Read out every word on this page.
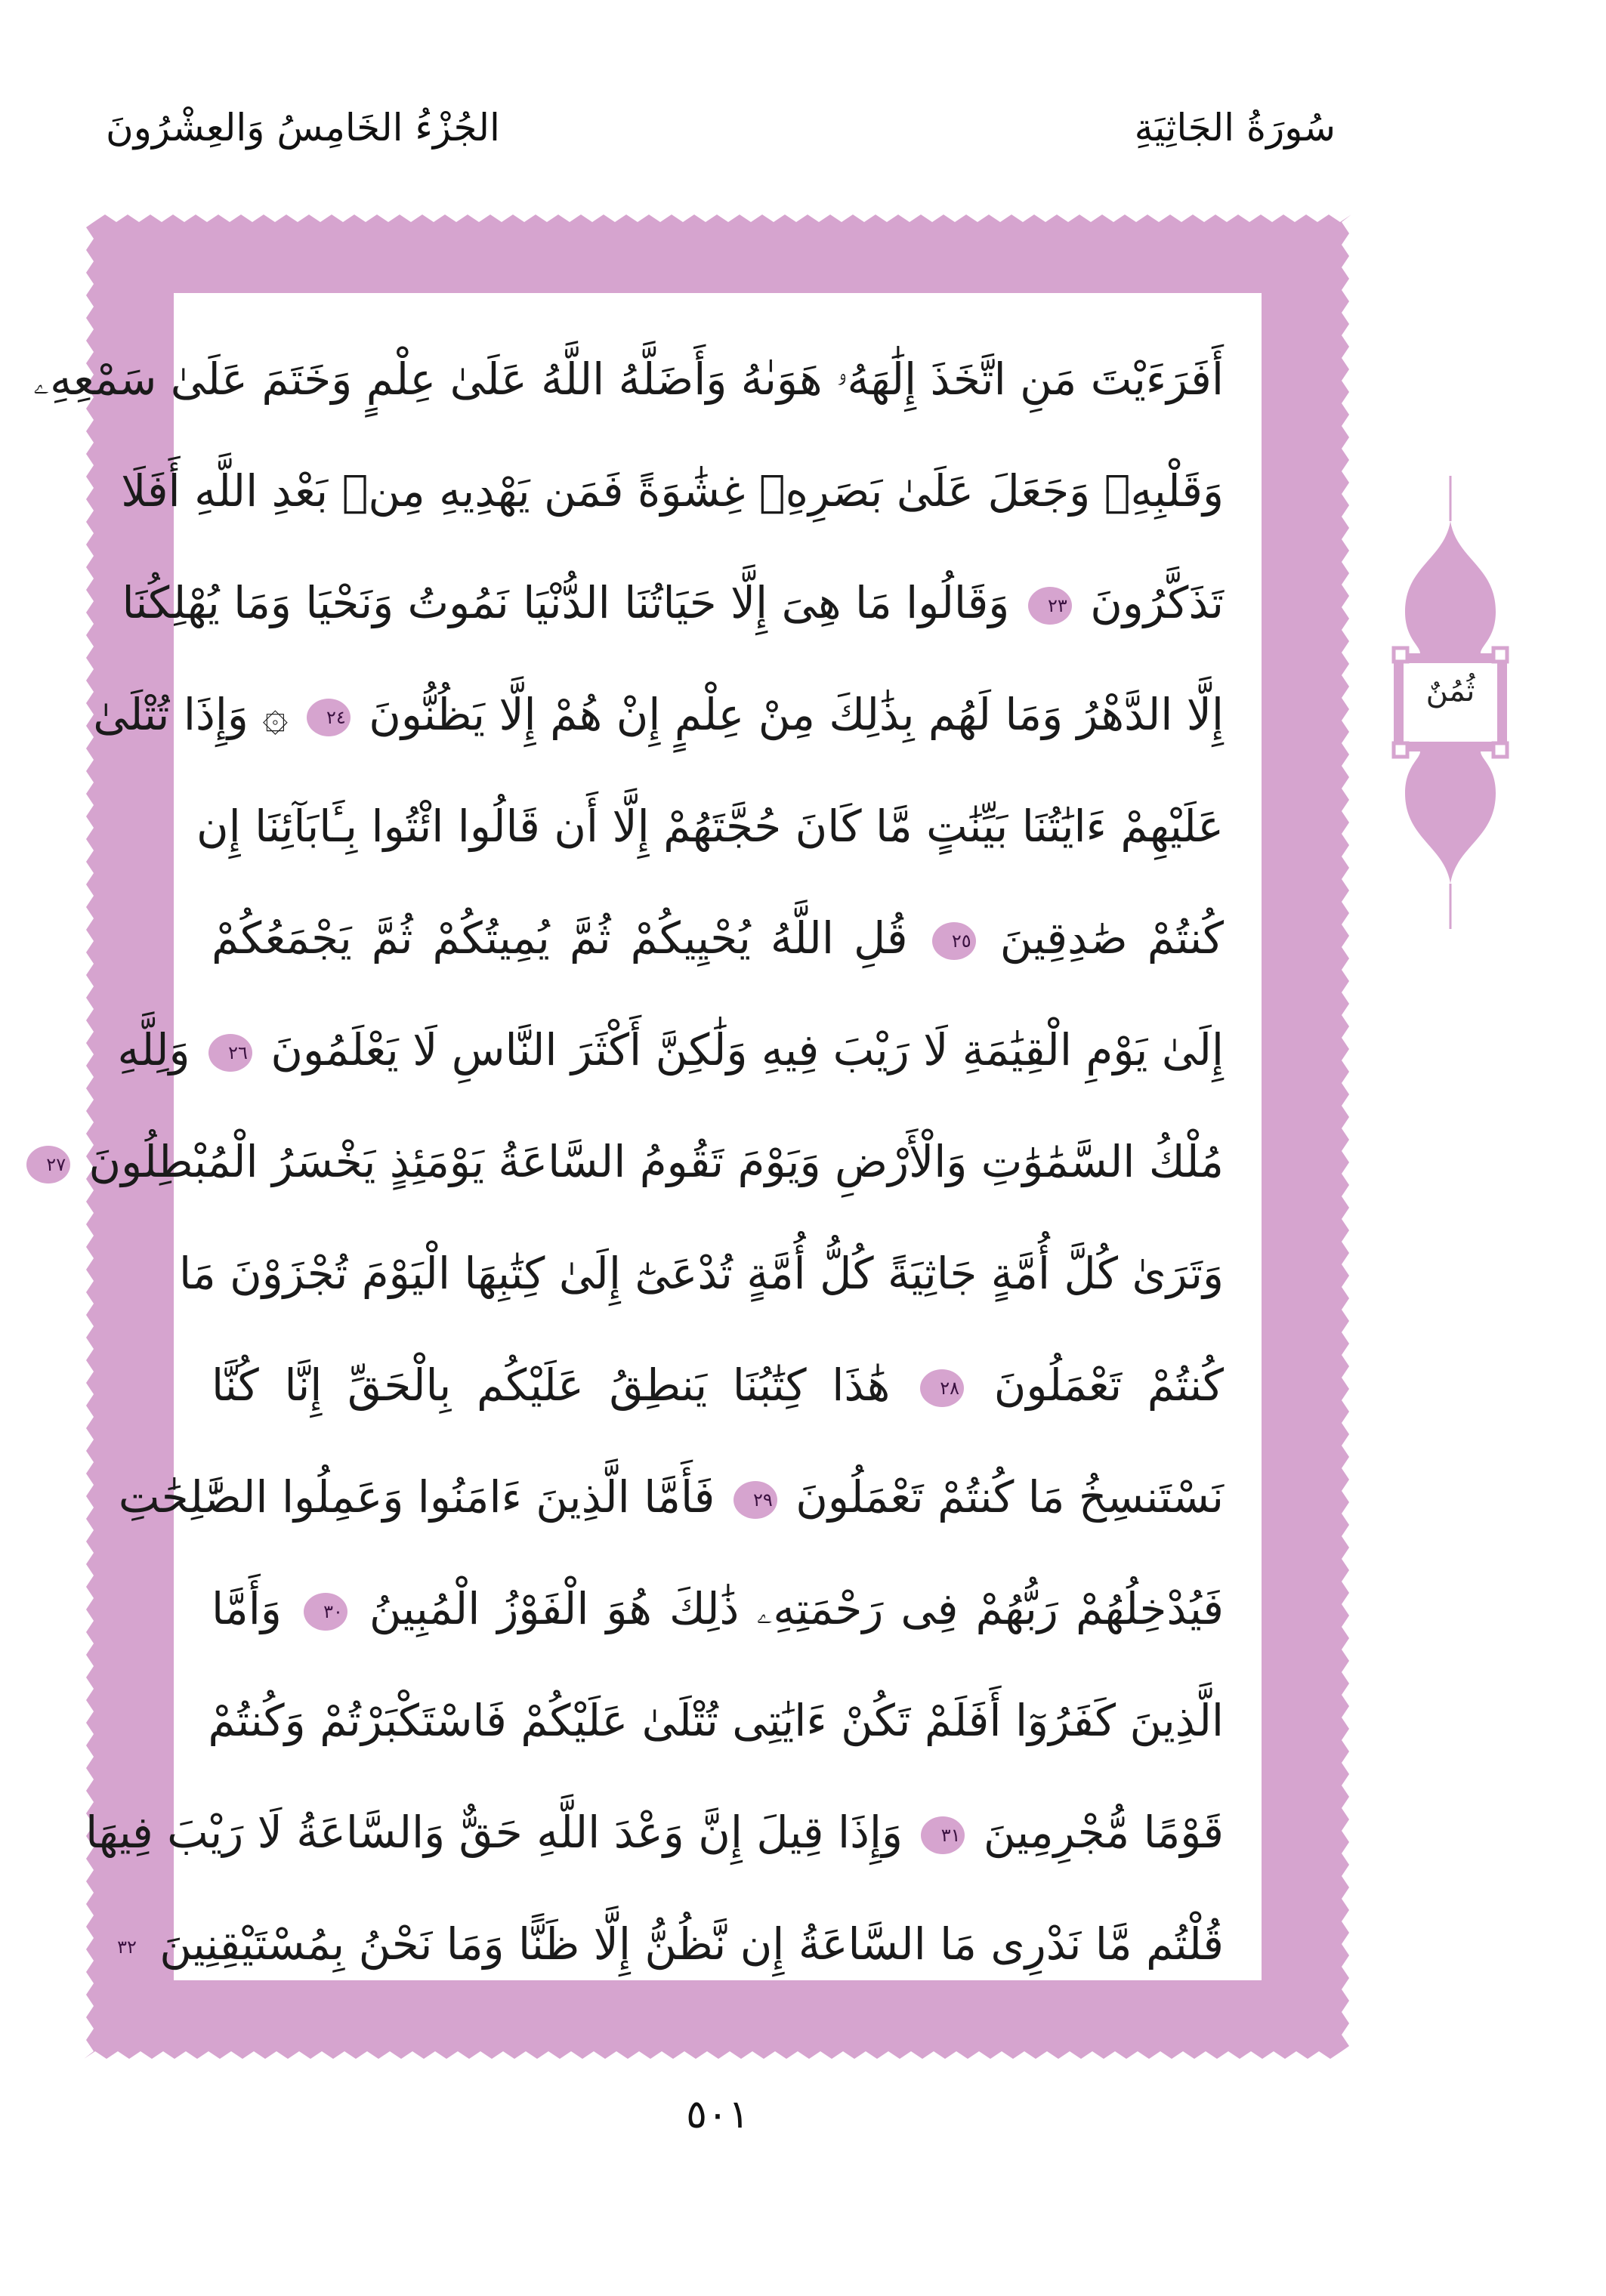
سُورَةُ الجَاثِيَةِ
الجُزْءُ الخَامِسُ وَالعِشْرُونَ
أَفَرَءَيْتَ مَنِ اتَّخَذَ إِلَٰهَهُۥ هَوَىٰهُ وَأَضَلَّهُ اللَّهُ عَلَىٰ عِلْمٍ وَخَتَمَ عَلَىٰ سَمْعِهِۦ
وَقَلْبِهِۦ وَجَعَلَ عَلَىٰ بَصَرِهِۦ غِشَٰوَةً فَمَن يَهْدِيهِ مِنۢ بَعْدِ اللَّهِ أَفَلَا
تَذَكَّرُونَ ٢٣ وَقَالُوا مَا هِىَ إِلَّا حَيَاتُنَا الدُّنْيَا نَمُوتُ وَنَحْيَا وَمَا يُهْلِكُنَا
إِلَّا الدَّهْرُ وَمَا لَهُم بِذَٰلِكَ مِنْ عِلْمٍ إِنْ هُمْ إِلَّا يَظُنُّونَ ٢٤ ۞ وَإِذَا تُتْلَىٰ
عَلَيْهِمْ ءَايَٰتُنَا بَيِّنَٰتٍ مَّا كَانَ حُجَّتَهُمْ إِلَّا أَن قَالُوا ائْتُوا بِـَٔابَآئِنَا إِن
كُنتُمْ صَٰدِقِينَ ٢٥ قُلِ اللَّهُ يُحْيِيكُمْ ثُمَّ يُمِيتُكُمْ ثُمَّ يَجْمَعُكُمْ
إِلَىٰ يَوْمِ الْقِيَٰمَةِ لَا رَيْبَ فِيهِ وَلَٰكِنَّ أَكْثَرَ النَّاسِ لَا يَعْلَمُونَ ٢٦ وَلِلَّهِ
مُلْكُ السَّمَٰوَٰتِ وَالْأَرْضِ وَيَوْمَ تَقُومُ السَّاعَةُ يَوْمَئِذٍ يَخْسَرُ الْمُبْطِلُونَ ٢٧
وَتَرَىٰ كُلَّ أُمَّةٍ جَاثِيَةً كُلُّ أُمَّةٍ تُدْعَىٰٓ إِلَىٰ كِتَٰبِهَا الْيَوْمَ تُجْزَوْنَ مَا
كُنتُمْ تَعْمَلُونَ ٢٨ هَٰذَا كِتَٰبُنَا يَنطِقُ عَلَيْكُم بِالْحَقِّ إِنَّا كُنَّا
نَسْتَنسِخُ مَا كُنتُمْ تَعْمَلُونَ ٢٩ فَأَمَّا الَّذِينَ ءَامَنُوا وَعَمِلُوا الصَّٰلِحَٰتِ
فَيُدْخِلُهُمْ رَبُّهُمْ فِى رَحْمَتِهِۦ ذَٰلِكَ هُوَ الْفَوْزُ الْمُبِينُ ٣٠ وَأَمَّا
الَّذِينَ كَفَرُوٓا أَفَلَمْ تَكُنْ ءَايَٰتِى تُتْلَىٰ عَلَيْكُمْ فَاسْتَكْبَرْتُمْ وَكُنتُمْ
قَوْمًا مُّجْرِمِينَ ٣١ وَإِذَا قِيلَ إِنَّ وَعْدَ اللَّهِ حَقٌّ وَالسَّاعَةُ لَا رَيْبَ فِيهَا
قُلْتُم مَّا نَدْرِى مَا السَّاعَةُ إِن نَّظُنُّ إِلَّا ظَنًّا وَمَا نَحْنُ بِمُسْتَيْقِنِينَ ٣٢
ثُمُنٌ
٥٠١
